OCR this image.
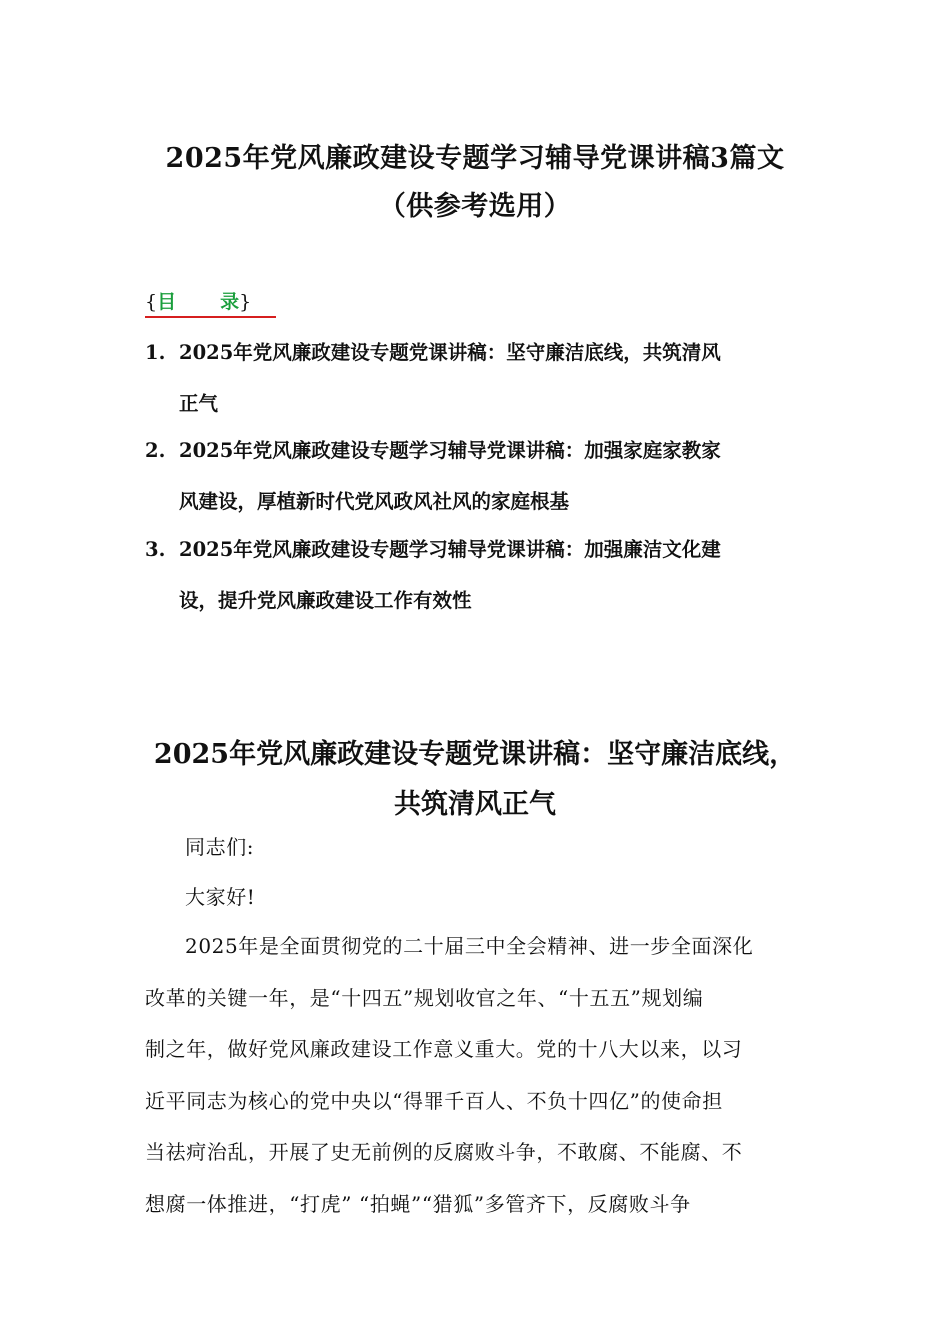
2025年党风廉政建设专题学习辅导党课讲稿3篇文
（供参考选用）
{目 录}
1. 2025年党风廉政建设专题党课讲稿：坚守廉洁底线，共筑清风
正气
2. 2025年党风廉政建设专题学习辅导党课讲稿：加强家庭家教家
风建设，厚植新时代党风政风社风的家庭根基
3. 2025年党风廉政建设专题学习辅导党课讲稿：加强廉洁文化建
设，提升党风廉政建设工作有效性
2025年党风廉政建设专题党课讲稿：坚守廉洁底线，
共筑清风正气
同志们:
大家好!
2025年是全面贯彻党的二十届三中全会精神、进一步全面深化
改革的关键一年，是“十四五”规划收官之年、“十五五”规划编
制之年，做好党风廉政建设工作意义重大。党的十八大以来，以习
近平同志为核心的党中央以“得罪千百人、不负十四亿”的使命担
当祛疴治乱，开展了史无前例的反腐败斗争，不敢腐、不能腐、不
想腐一体推进，“打虎” “拍蝇”“猎狐”多管齐下，反腐败斗争
